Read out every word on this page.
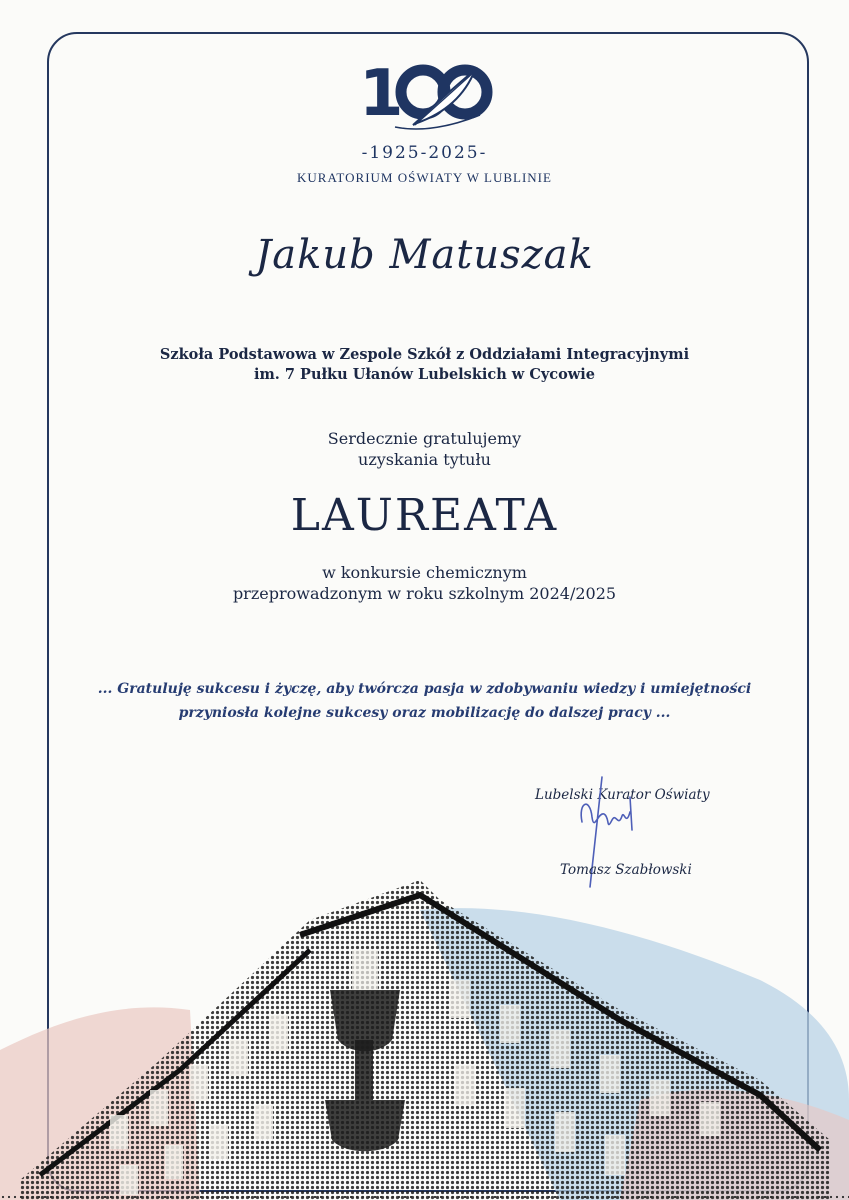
1
-1925-2025-
KURATORIUM OŚWIATY W LUBLINIE
Jakub Matuszak
Szkoła Podstawowa w Zespole Szkół z Oddziałami Integracyjnymi
im. 7 Pułku Ułanów Lubelskich w Cycowie
Serdecznie gratulujemy
uzyskania tytułu
LAUREATA
w konkursie chemicznym
przeprowadzonym w roku szkolnym 2024/2025
... Gratuluję sukcesu i życzę, aby twórcza pasja w zdobywaniu wiedzy i umiejętności
przyniosła kolejne sukcesy oraz mobilizację do dalszej pracy ...
Lubelski Kurator Oświaty
Tomasz Szabłowski
